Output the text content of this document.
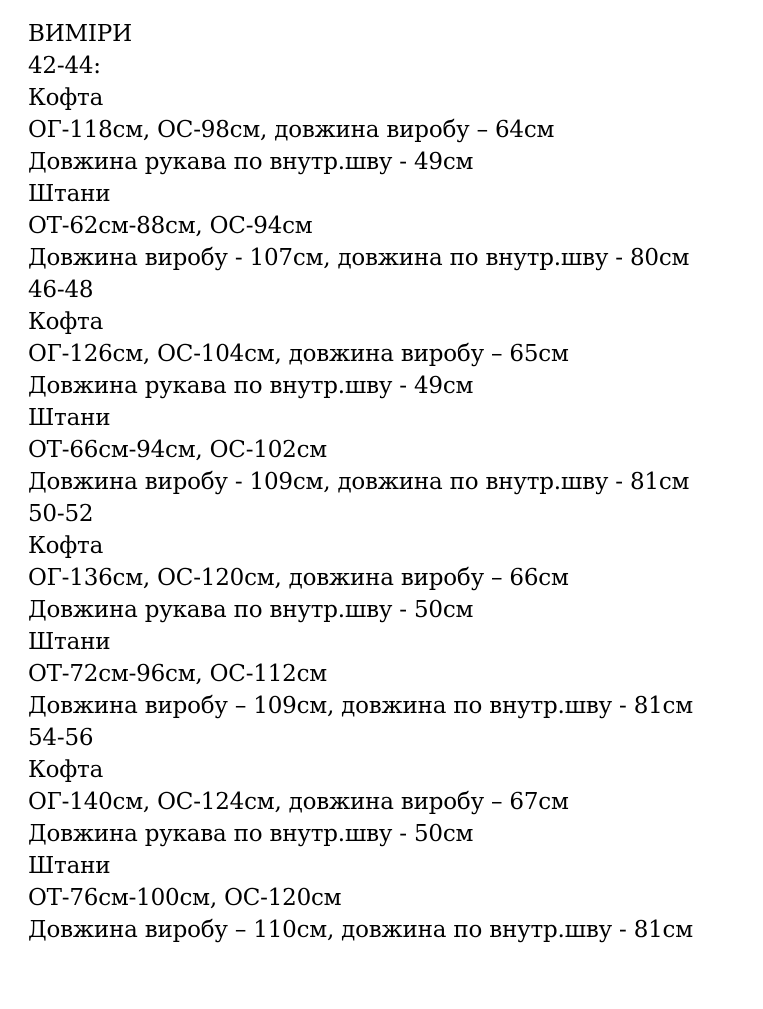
ВИМІРИ
42-44:
Кофта
ОГ-118см, ОС-98см, довжина виробу – 64см
Довжина рукава по внутр.шву - 49см
Штани
ОТ-62см-88см, ОС-94см
Довжина виробу - 107см, довжина по внутр.шву - 80см
46-48
Кофта
ОГ-126см, ОС-104см, довжина виробу – 65см
Довжина рукава по внутр.шву - 49см
Штани
ОТ-66см-94см, ОС-102см
Довжина виробу - 109см, довжина по внутр.шву - 81см
50-52
Кофта
ОГ-136см, ОС-120см, довжина виробу – 66см
Довжина рукава по внутр.шву - 50см
Штани
ОТ-72см-96см, ОС-112см
Довжина виробу – 109см, довжина по внутр.шву - 81см
54-56
Кофта
ОГ-140см, ОС-124см, довжина виробу – 67см
Довжина рукава по внутр.шву - 50см
Штани
ОТ-76см-100см, ОС-120см
Довжина виробу – 110см, довжина по внутр.шву - 81см
